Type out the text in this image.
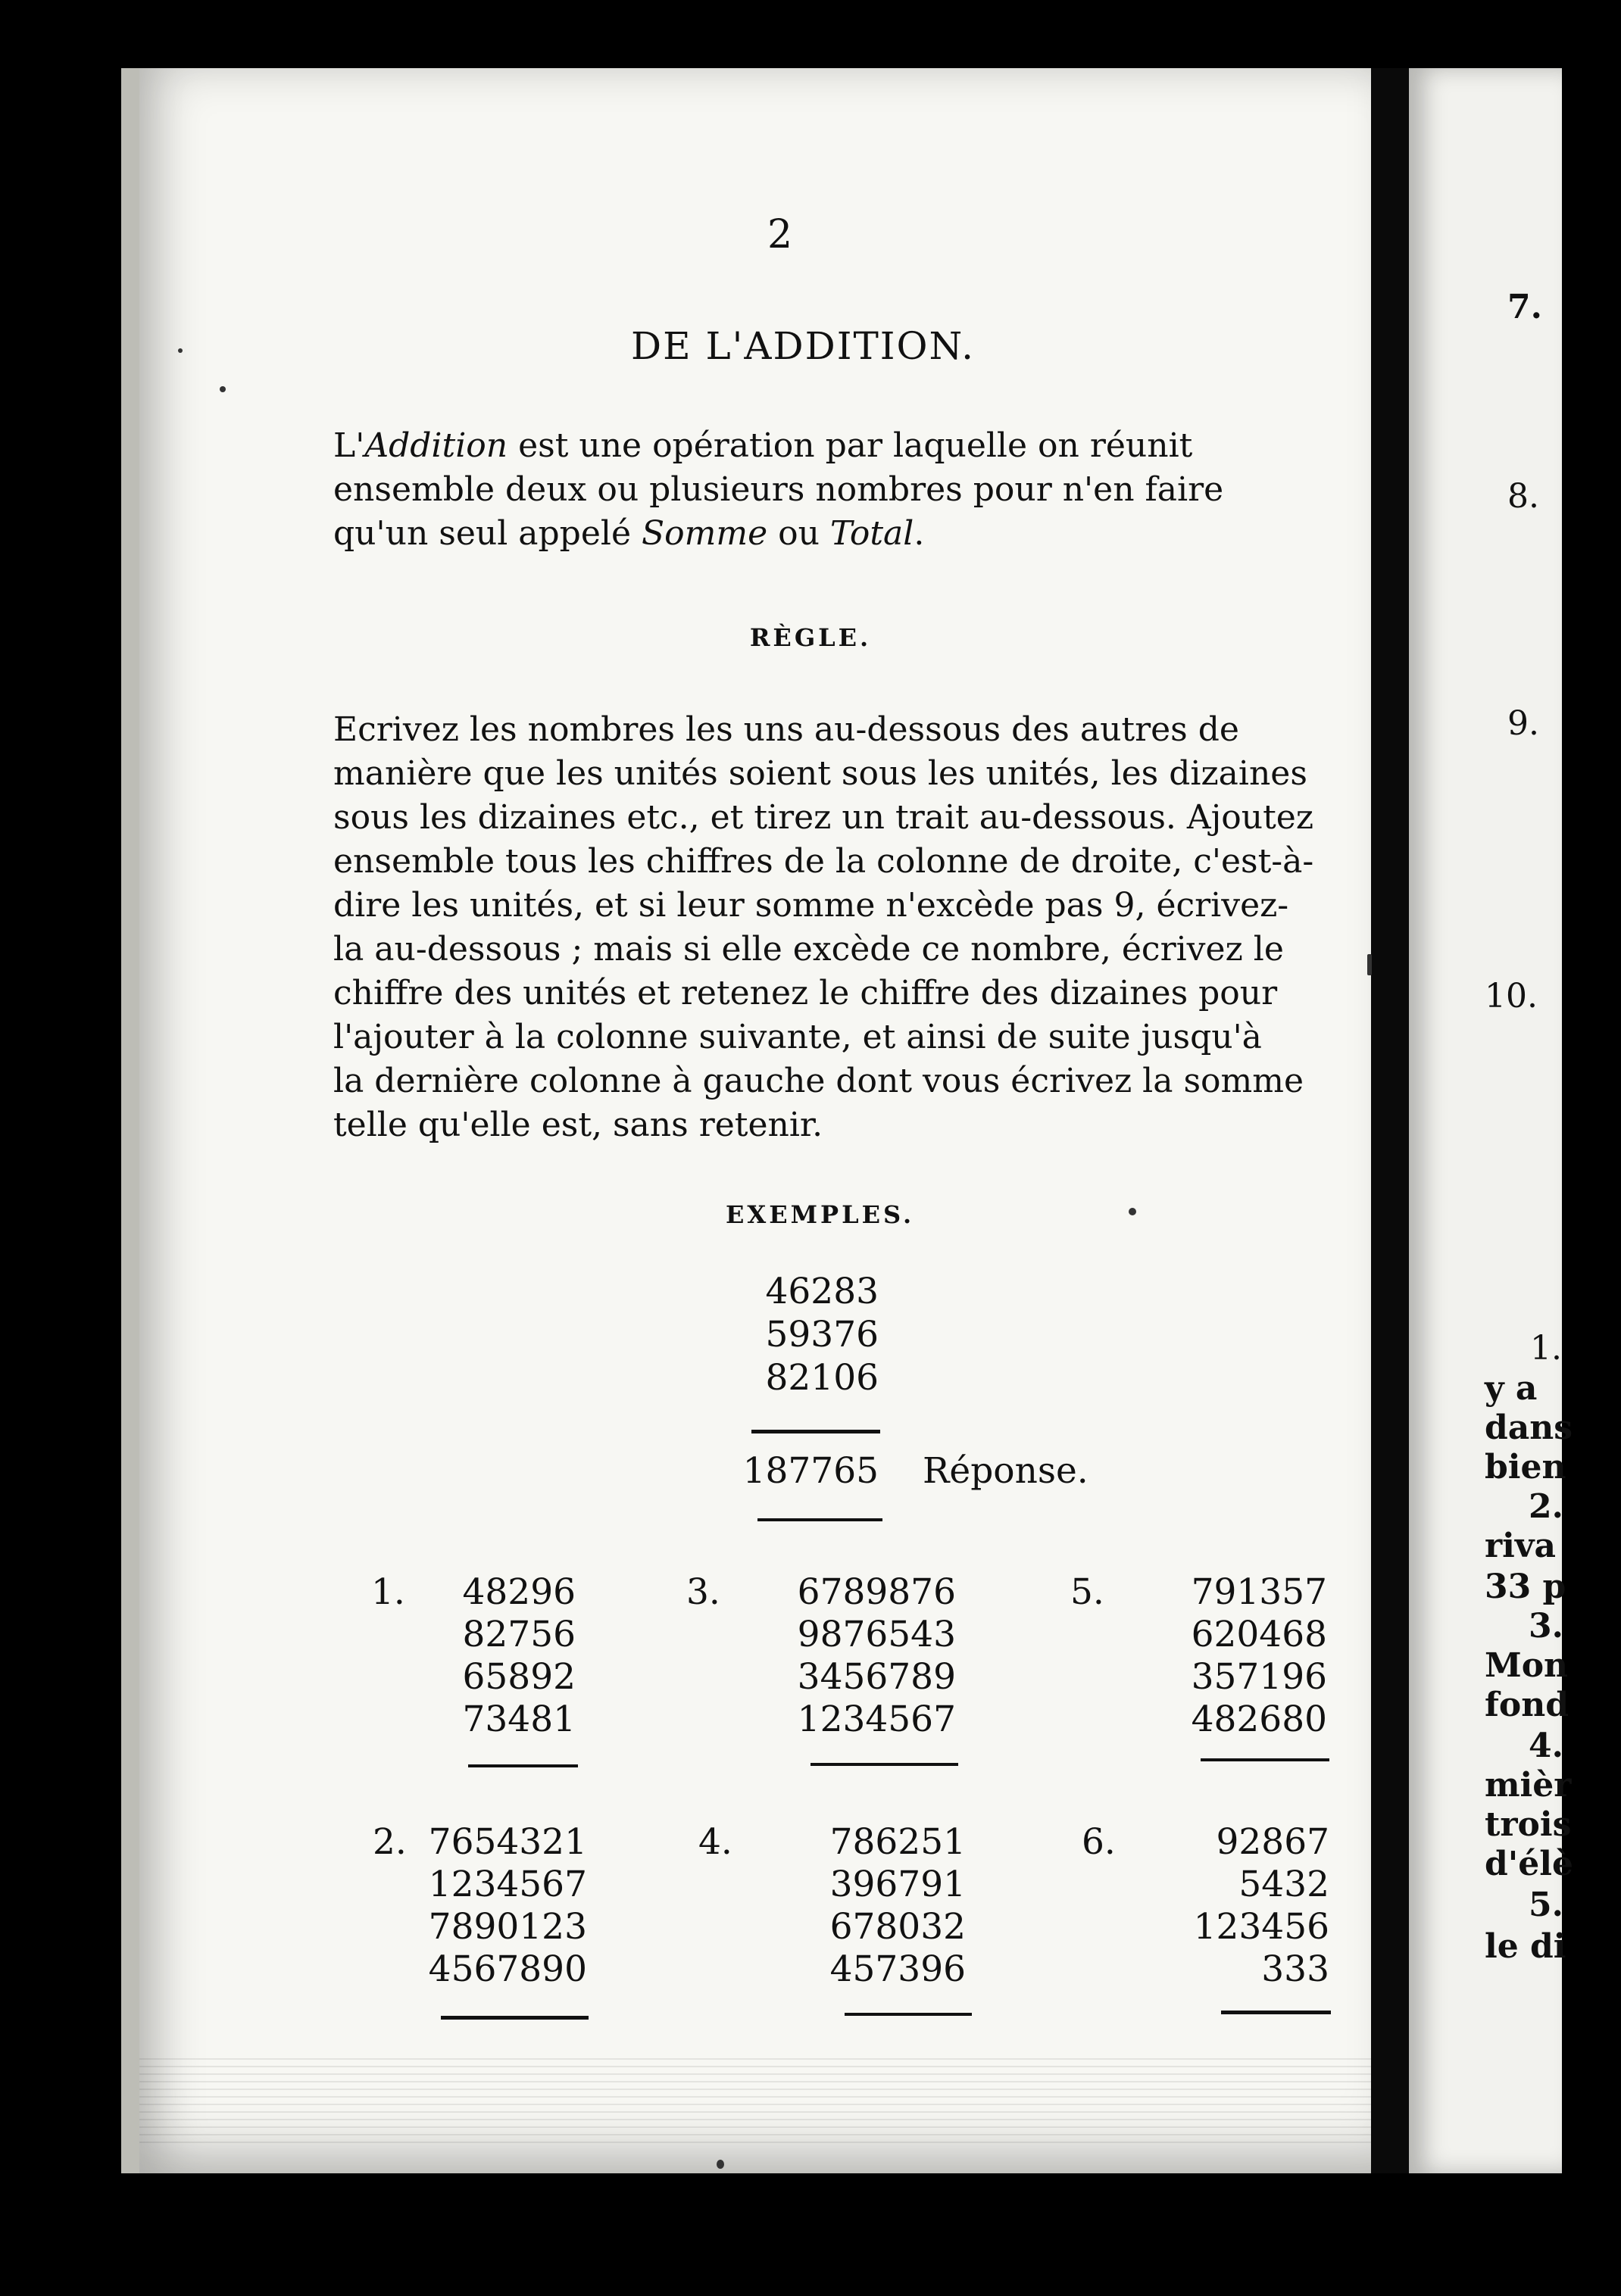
7.
8.
9.
10.
1.
y a
dans
bien
2.
riva
33 p
3.
Mon
fond
4.
mièr
trois
d'élè
5.
le di
2
DE L'ADDITION.
L'Addition est une opération par laquelle on réunit
ensemble deux ou plusieurs nombres pour n'en faire
qu'un seul appelé Somme ou Total.
RÈGLE.
Ecrivez les nombres les uns au-dessous des autres de
manière que les unités soient sous les unités, les dizaines
sous les dizaines etc., et tirez un trait au-dessous. Ajoutez
ensemble tous les chiffres de la colonne de droite, c'est-à-
dire les unités, et si leur somme n'excède pas 9, écrivez-
la au-dessous ; mais si elle excède ce nombre, écrivez le
chiffre des unités et retenez le chiffre des dizaines pour
l'ajouter à la colonne suivante, et ainsi de suite jusqu'à
la dernière colonne à gauche dont vous écrivez la somme
telle qu'elle est, sans retenir.
EXEMPLES.
46283
59376
82106
187765 Réponse.
1.	48296
82756
65892
73481
3.	6789876
9876543
3456789
1234567
5.	791357
620468
357196
482680
2. 7654321
1234567
7890123
4567890
4.	786251
396791
678032
457396
6.	92867
5432
123456
333
